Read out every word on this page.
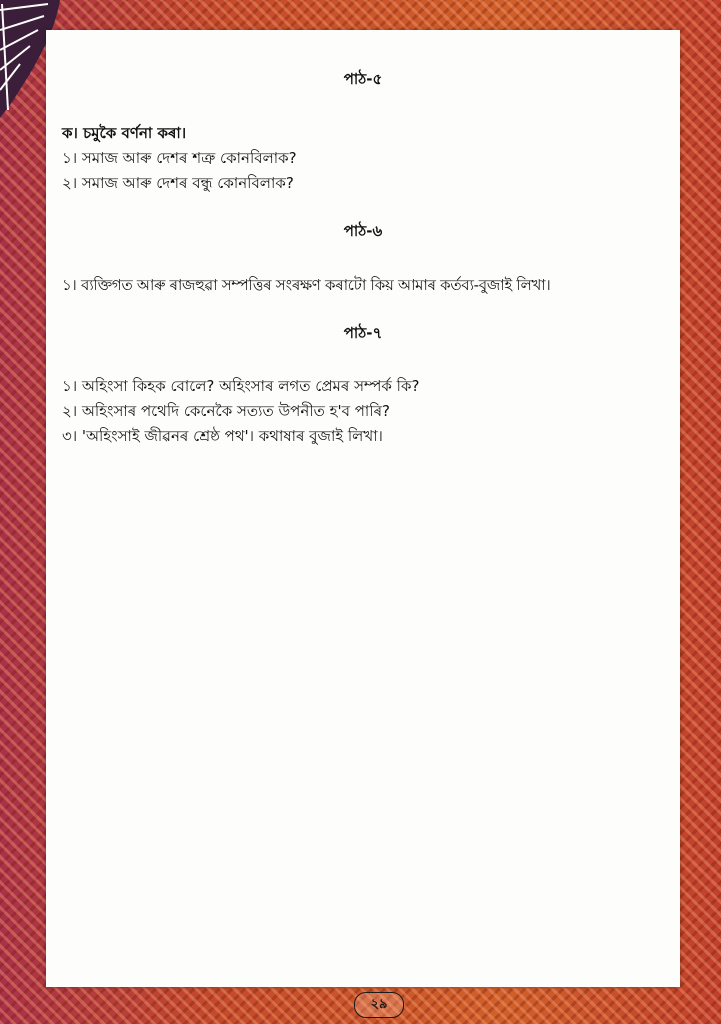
পাঠ-৫
ক। চমুকৈ বৰ্ণনা কৰা।
১। সমাজ আৰু দেশৰ শত্ৰু কোনবিলাক?
২। সমাজ আৰু দেশৰ বন্ধু কোনবিলাক?
পাঠ-৬
১। ব্যক্তিগত আৰু ৰাজহুৱা সম্পত্তিৰ সংৰক্ষণ কৰাটো কিয় আমাৰ কৰ্তব্য-বুজাই লিখা।
পাঠ-৭
১। অহিংসা কিহক বোলে? অহিংসাৰ লগত প্ৰেমৰ সম্পৰ্ক কি?
২। অহিংসাৰ পথেদি কেনেকৈ সত্যত উপনীত হ'ব পাৰি?
৩। 'অহিংসাই জীৱনৰ শ্ৰেষ্ঠ পথ'। কথাষাৰ বুজাই লিখা।
২৯
